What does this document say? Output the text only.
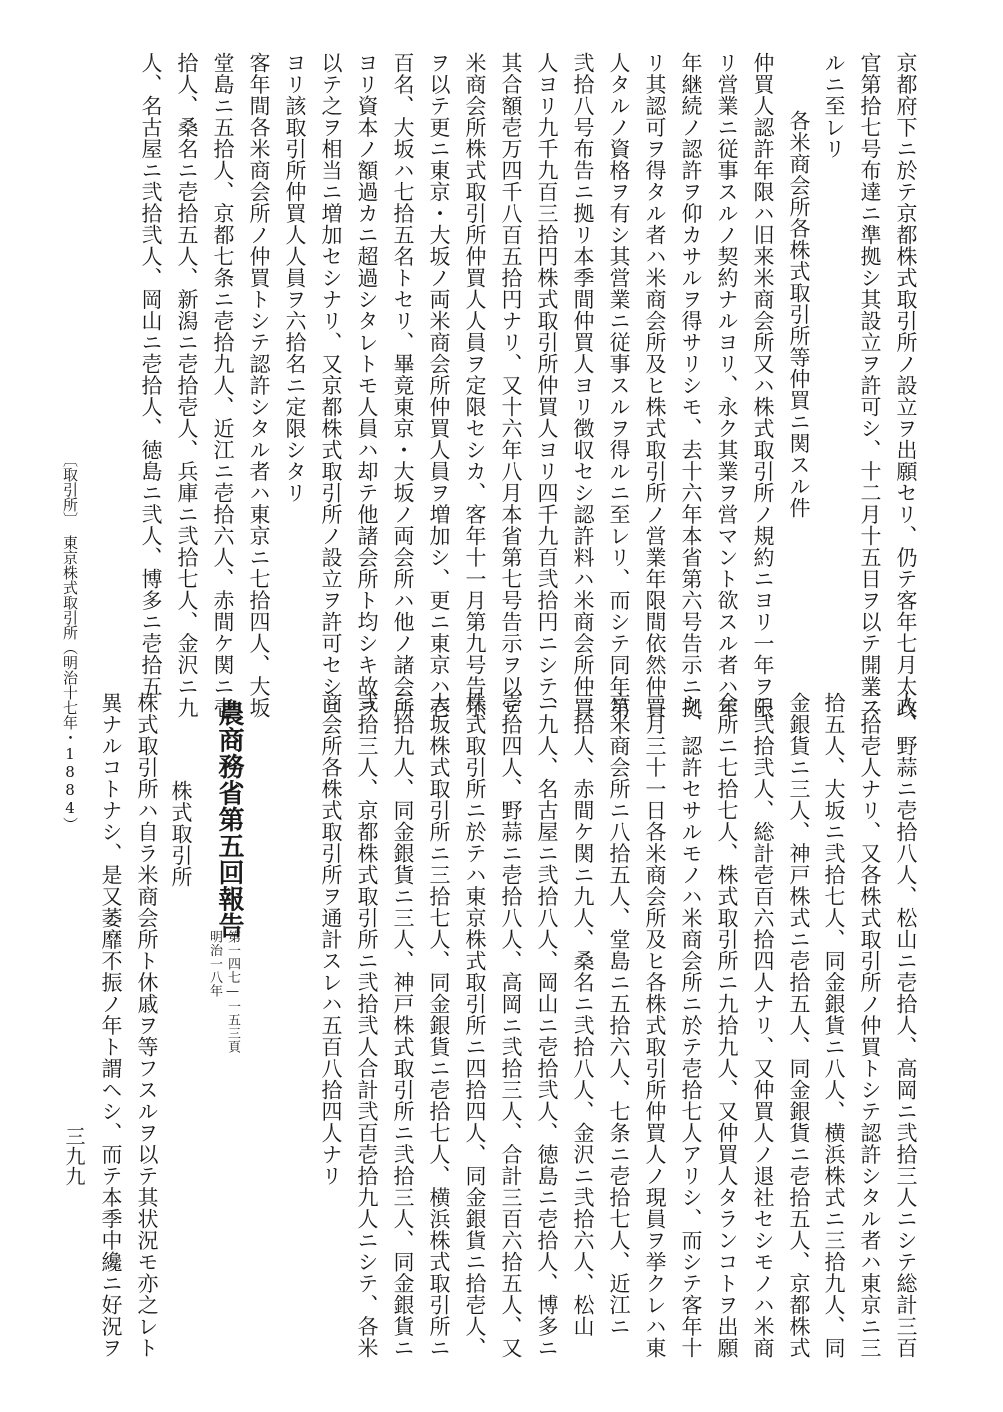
京都府下ニ於テ京都株式取引所ノ設立ヲ出願セリ、仍テ客年七月太政
官第拾七号布達ニ準拠シ其設立ヲ許可シ、十二月十五日ヲ以テ開業ス
ルニ至レリ
各米商会所各株式取引所等仲買ニ関スル件
仲買人認許年限ハ旧来米商会所又ハ株式取引所ノ規約ニヨリ一年ヲ限
リ営業ニ従事スルノ契約ナルヨリ、永ク其業ヲ営マント欲スル者ハ年
年継続ノ認許ヲ仰カサルヲ得サリシモ、去十六年本省第六号告示ニ拠
リ其認可ヲ得タル者ハ米商会所及ヒ株式取引所ノ営業年限間依然仲買
人タルノ資格ヲ有シ其営業ニ従事スルヲ得ルニ至レリ、而シテ同年第
弐拾八号布告ニ拠リ本季間仲買人ヨリ徴収セシ認許料ハ米商会所仲買
人ヨリ九千九百三拾円株式取引所仲買人ヨリ四千九百弐拾円ニシテ、
其合額壱万四千八百五拾円ナリ、又十六年八月本省第七号告示ヲ以テ
米商会所株式取引所仲買人人員ヲ定限セシカ、客年十一月第九号告示
ヲ以テ更ニ東京・大坂ノ両米商会所仲買人員ヲ増加シ、更ニ東京ハ壱
百名、大坂ハ七拾五名トセリ、畢竟東京・大坂ノ両会所ハ他ノ諸会所
ヨリ資本ノ額過カニ超過シタレトモ人員ハ却テ他諸会所ト均シキ故ヲ
以テ之ヲ相当ニ増加セシナリ、又京都株式取引所ノ設立ヲ許可セシニ
ヨリ該取引所仲買人人員ヲ六拾名ニ定限シタリ
客年間各米商会所ノ仲買トシテ認許シタル者ハ東京ニ七拾四人、大坂
堂島ニ五拾人、京都七条ニ壱拾九人、近江ニ壱拾六人、赤間ケ関ニ壱
拾人、桑名ニ壱拾五人、新潟ニ壱拾壱人、兵庫ニ弐拾七人、金沢ニ九
人、名古屋ニ弐拾弐人、岡山ニ壱拾人、徳島ニ弐人、博多ニ壱拾五
〔取引所〕
東京株式取引所（明治十七年・1884）
人、野蒜ニ壱拾八人、松山ニ壱拾人、高岡ニ弐拾三人ニシテ総計三百
三拾壱人ナリ、又各株式取引所ノ仲買トシテ認許シタル者ハ東京ニ三
拾五人、大坂ニ弐拾七人、同金銀貨ニ八人、横浜株式ニ三拾九人、同
金銀貨ニ三人、神戸株式ニ壱拾五人、同金銀貨ニ壱拾五人、京都株式
ニ弐拾弐人、総計壱百六拾四人ナリ、又仲買人ノ退社セシモノハ米商
会所ニ七拾七人、株式取引所ニ九拾九人、又仲買人タランコトヲ出願
シ、認許セサルモノハ米商会所ニ於テ壱拾七人アリシ、而シテ客年十
二月三十一日各米商会所及ヒ各株式取引所仲買人ノ現員ヲ挙クレハ東
京米商会所ニ八拾五人、堂島ニ五拾六人、七条ニ壱拾七人、近江ニ
三拾人、赤間ケ関ニ九人、桑名ニ弐拾八人、金沢ニ弐拾六人、松山
ニ九人、名古屋ニ弐拾八人、岡山ニ壱拾弐人、徳島ニ壱拾人、博多ニ
壱拾四人、野蒜ニ壱拾八人、高岡ニ弐拾三人、合計三百六拾五人、又
株式取引所ニ於テハ東京株式取引所ニ四拾四人、同金銀貨ニ拾壱人、
大坂株式取引所ニ三拾七人、同金銀貨ニ壱拾七人、横浜株式取引所ニ
三拾九人、同金銀貨ニ三人、神戸株式取引所ニ弐拾三人、同金銀貨ニ
弐拾三人、京都株式取引所ニ弐拾弐人合計弐百壱拾九人ニシテ、各米
商会所各株式取引所ヲ通計スレハ五百八拾四人ナリ
農商務省第五回報告
第一四七—一五三頁
明治一八年
株式取引所
株式取引所ハ自ラ米商会所ト休戚ヲ等フスルヲ以テ其状況モ亦之レト
異ナルコトナシ、是又萎靡不振ノ年ト謂ヘシ、而テ本季中纔ニ好況ヲ
三九九
